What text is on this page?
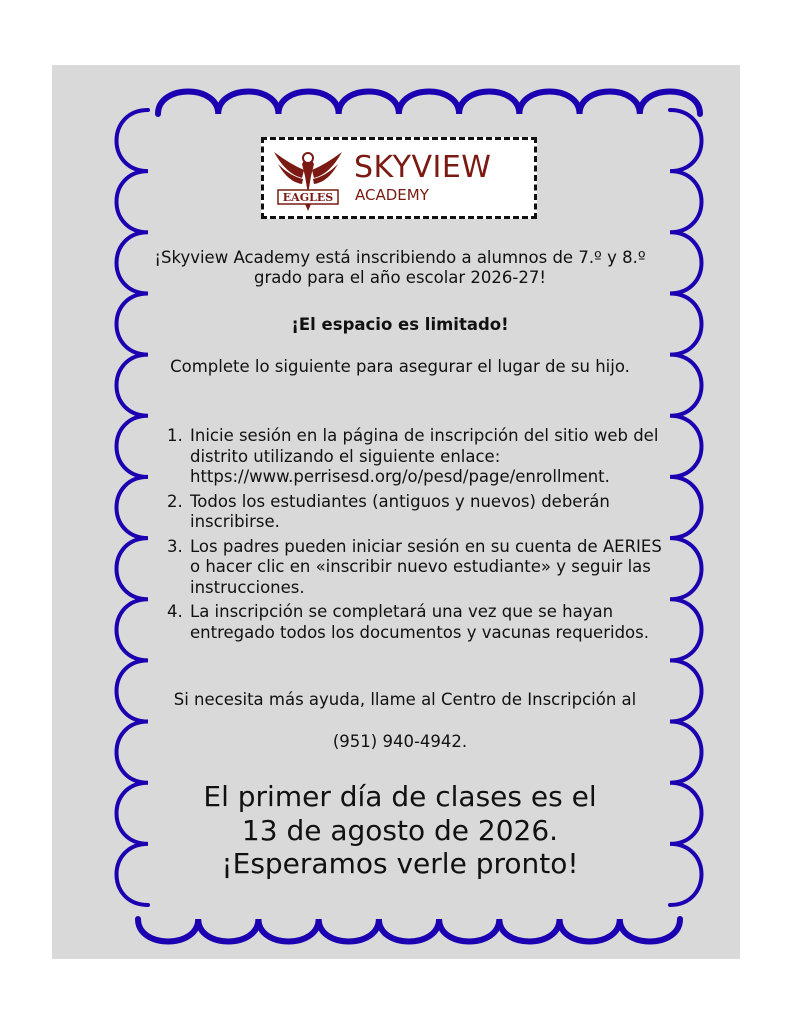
EAGLES
SKYVIEW
ACADEMY
¡Skyview Academy está inscribiendo a alumnos de 7.º y 8.º grado para el año escolar 2026-27!
¡El espacio es limitado!
Complete lo siguiente para asegurar el lugar de su hijo.
1. Inicie sesión en la página de inscripción del sitio web del distrito utilizando el siguiente enlace: https://www.perrisesd.org/o/pesd/page/enrollment.
2. Todos los estudiantes (antiguos y nuevos) deberán inscribirse.
3. Los padres pueden iniciar sesión en su cuenta de AERIES o hacer clic en «inscribir nuevo estudiante» y seguir las instrucciones.
4. La inscripción se completará una vez que se hayan entregado todos los documentos y vacunas requeridos.
Si necesita más ayuda, llame al Centro de Inscripción al
(951) 940-4942.
El primer día de clases es el
13 de agosto de 2026.
¡Esperamos verle pronto!
